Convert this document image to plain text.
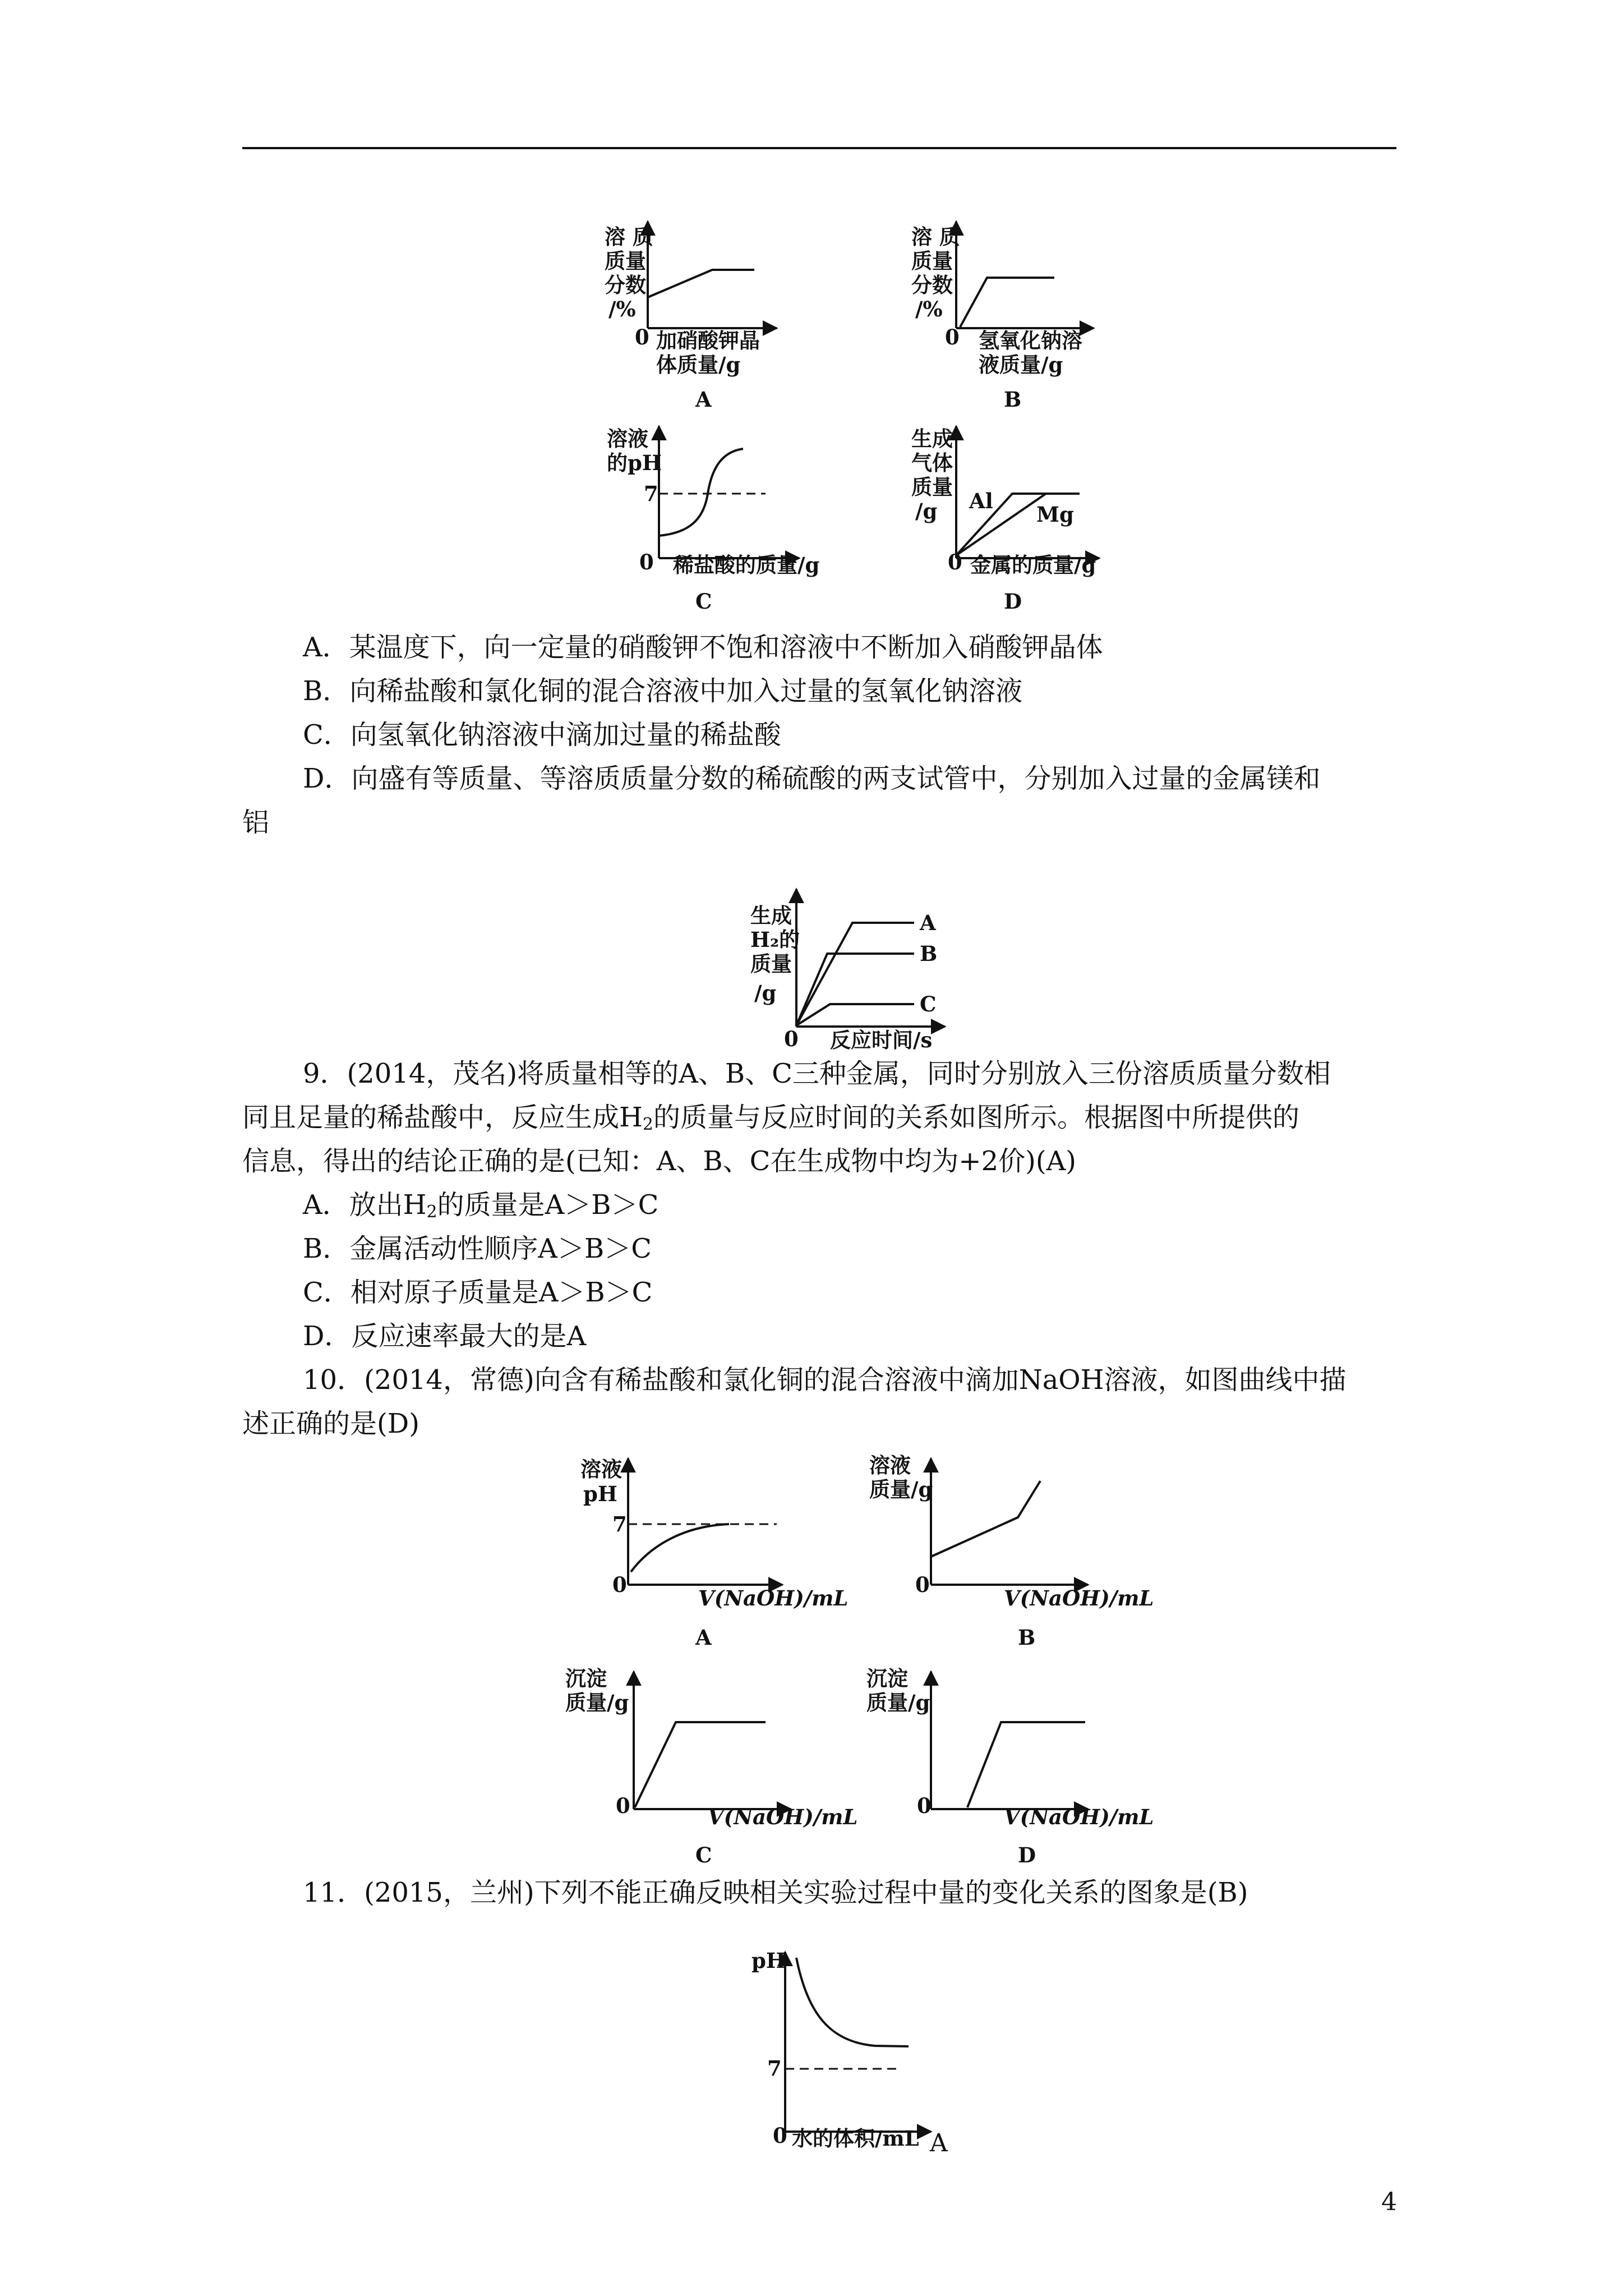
溶 质
质量
分数
/%
0 加硝酸钾晶
体质量/g
A
溶 质
质量
分数
/%
0 氢氧化钠溶
液质量/g
B
溶液
的pH
7
0 稀盐酸的质量/g
C
生成
气体
质量
/g Al
Mg
0 金属的质量/g
D
生成
H₂的
质量
/g
A
B
C
0 反应时间/s
溶液
pH
7
0
V(NaOH)/mL
A
溶液
质量/g
0
V(NaOH)/mL
B
沉淀
质量/g
0	V(NaOH)/mL
C
沉淀
质量/g
0	V(NaOH)/mL
D
pH
7
0 水的体积/mL A
A．某温度下，向一定量的硝酸钾不饱和溶液中不断加入硝酸钾晶体
B．向稀盐酸和氯化铜的混合溶液中加入过量的氢氧化钠溶液
C．向氢氧化钠溶液中滴加过量的稀盐酸
D．向盛有等质量、等溶质质量分数的稀硫酸的两支试管中，分别加入过量的金属镁和
铝
9．(2014，茂名)将质量相等的A、B、C三种金属，同时分别放入三份溶质质量分数相
同且足量的稀盐酸中，反应生成$H_2$的质量与反应时间的关系如图所示。根据图中所提供的
信息，得出的结论正确的是(已知：A、B、C在生成物中均为+2价)(A)
A．放出$H_2$的质量是A＞B＞C
B．金属活动性顺序A＞B＞C
C．相对原子质量是A＞B＞C
D．反应速率最大的是A
10．(2014，常德)向含有稀盐酸和氯化铜的混合溶液中滴加NaOH溶液，如图曲线中描
述正确的是(D)
11．(2015，兰州)下列不能正确反映相关实验过程中量的变化关系的图象是(B)
4
